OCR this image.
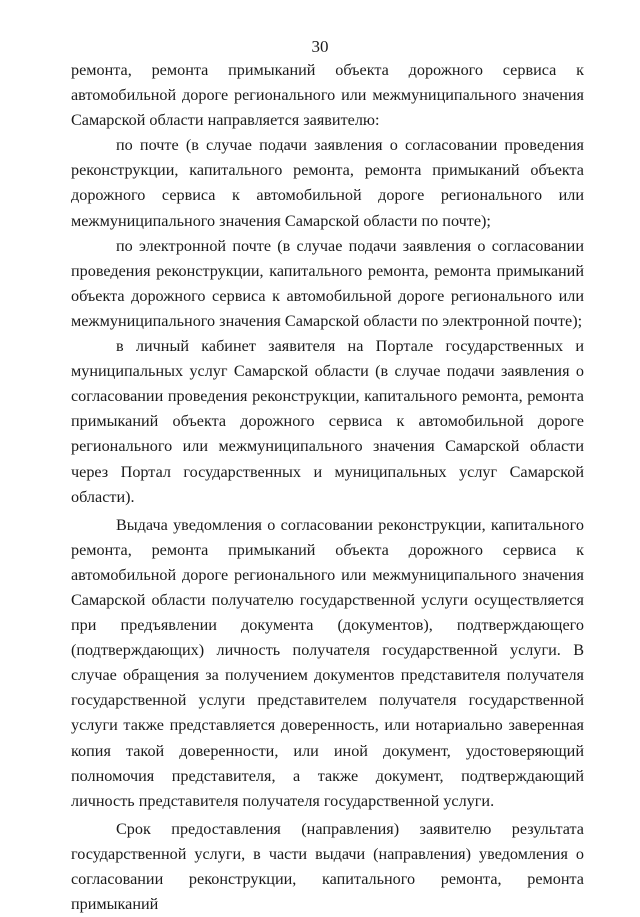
30

ремонта, ремонта примыканий объекта дорожного сервиса к автомобильной дороге регионального или межмуниципального значения Самарской области направляется заявителю:

по почте (в случае подачи заявления о согласовании проведения реконструкции, капитального ремонта, ремонта примыканий объекта дорожного сервиса к автомобильной дороге регионального или межмуниципального значения Самарской области по почте);

по электронной почте (в случае подачи заявления о согласовании проведения реконструкции, капитального ремонта, ремонта примыканий объекта дорожного сервиса к автомобильной дороге регионального или межмуниципального значения Самарской области по электронной почте);

в личный кабинет заявителя на Портале государственных и муниципальных услуг Самарской области (в случае подачи заявления о согласовании проведения реконструкции, капитального ремонта, ремонта примыканий объекта дорожного сервиса к автомобильной дороге регионального или межмуниципального значения Самарской области через Портал государственных и муниципальных услуг Самарской области).

Выдача уведомления о согласовании реконструкции, капитального ремонта, ремонта примыканий объекта дорожного сервиса к автомобильной дороге регионального или межмуниципального значения Самарской области получателю государственной услуги осуществляется при предъявлении документа (документов), подтверждающего (подтверждающих) личность получателя государственной услуги. В случае обращения за получением документов представителя получателя государственной услуги представителем получателя государственной услуги также представляется доверенность, или нотариально заверенная копия такой доверенности, или иной документ, удостоверяющий полномочия представителя, а также документ, подтверждающий личность представителя получателя государственной услуги.

Срок предоставления (направления) заявителю результата государственной услуги, в части выдачи (направления) уведомления о согласовании реконструкции, капитального ремонта, ремонта примыканий
